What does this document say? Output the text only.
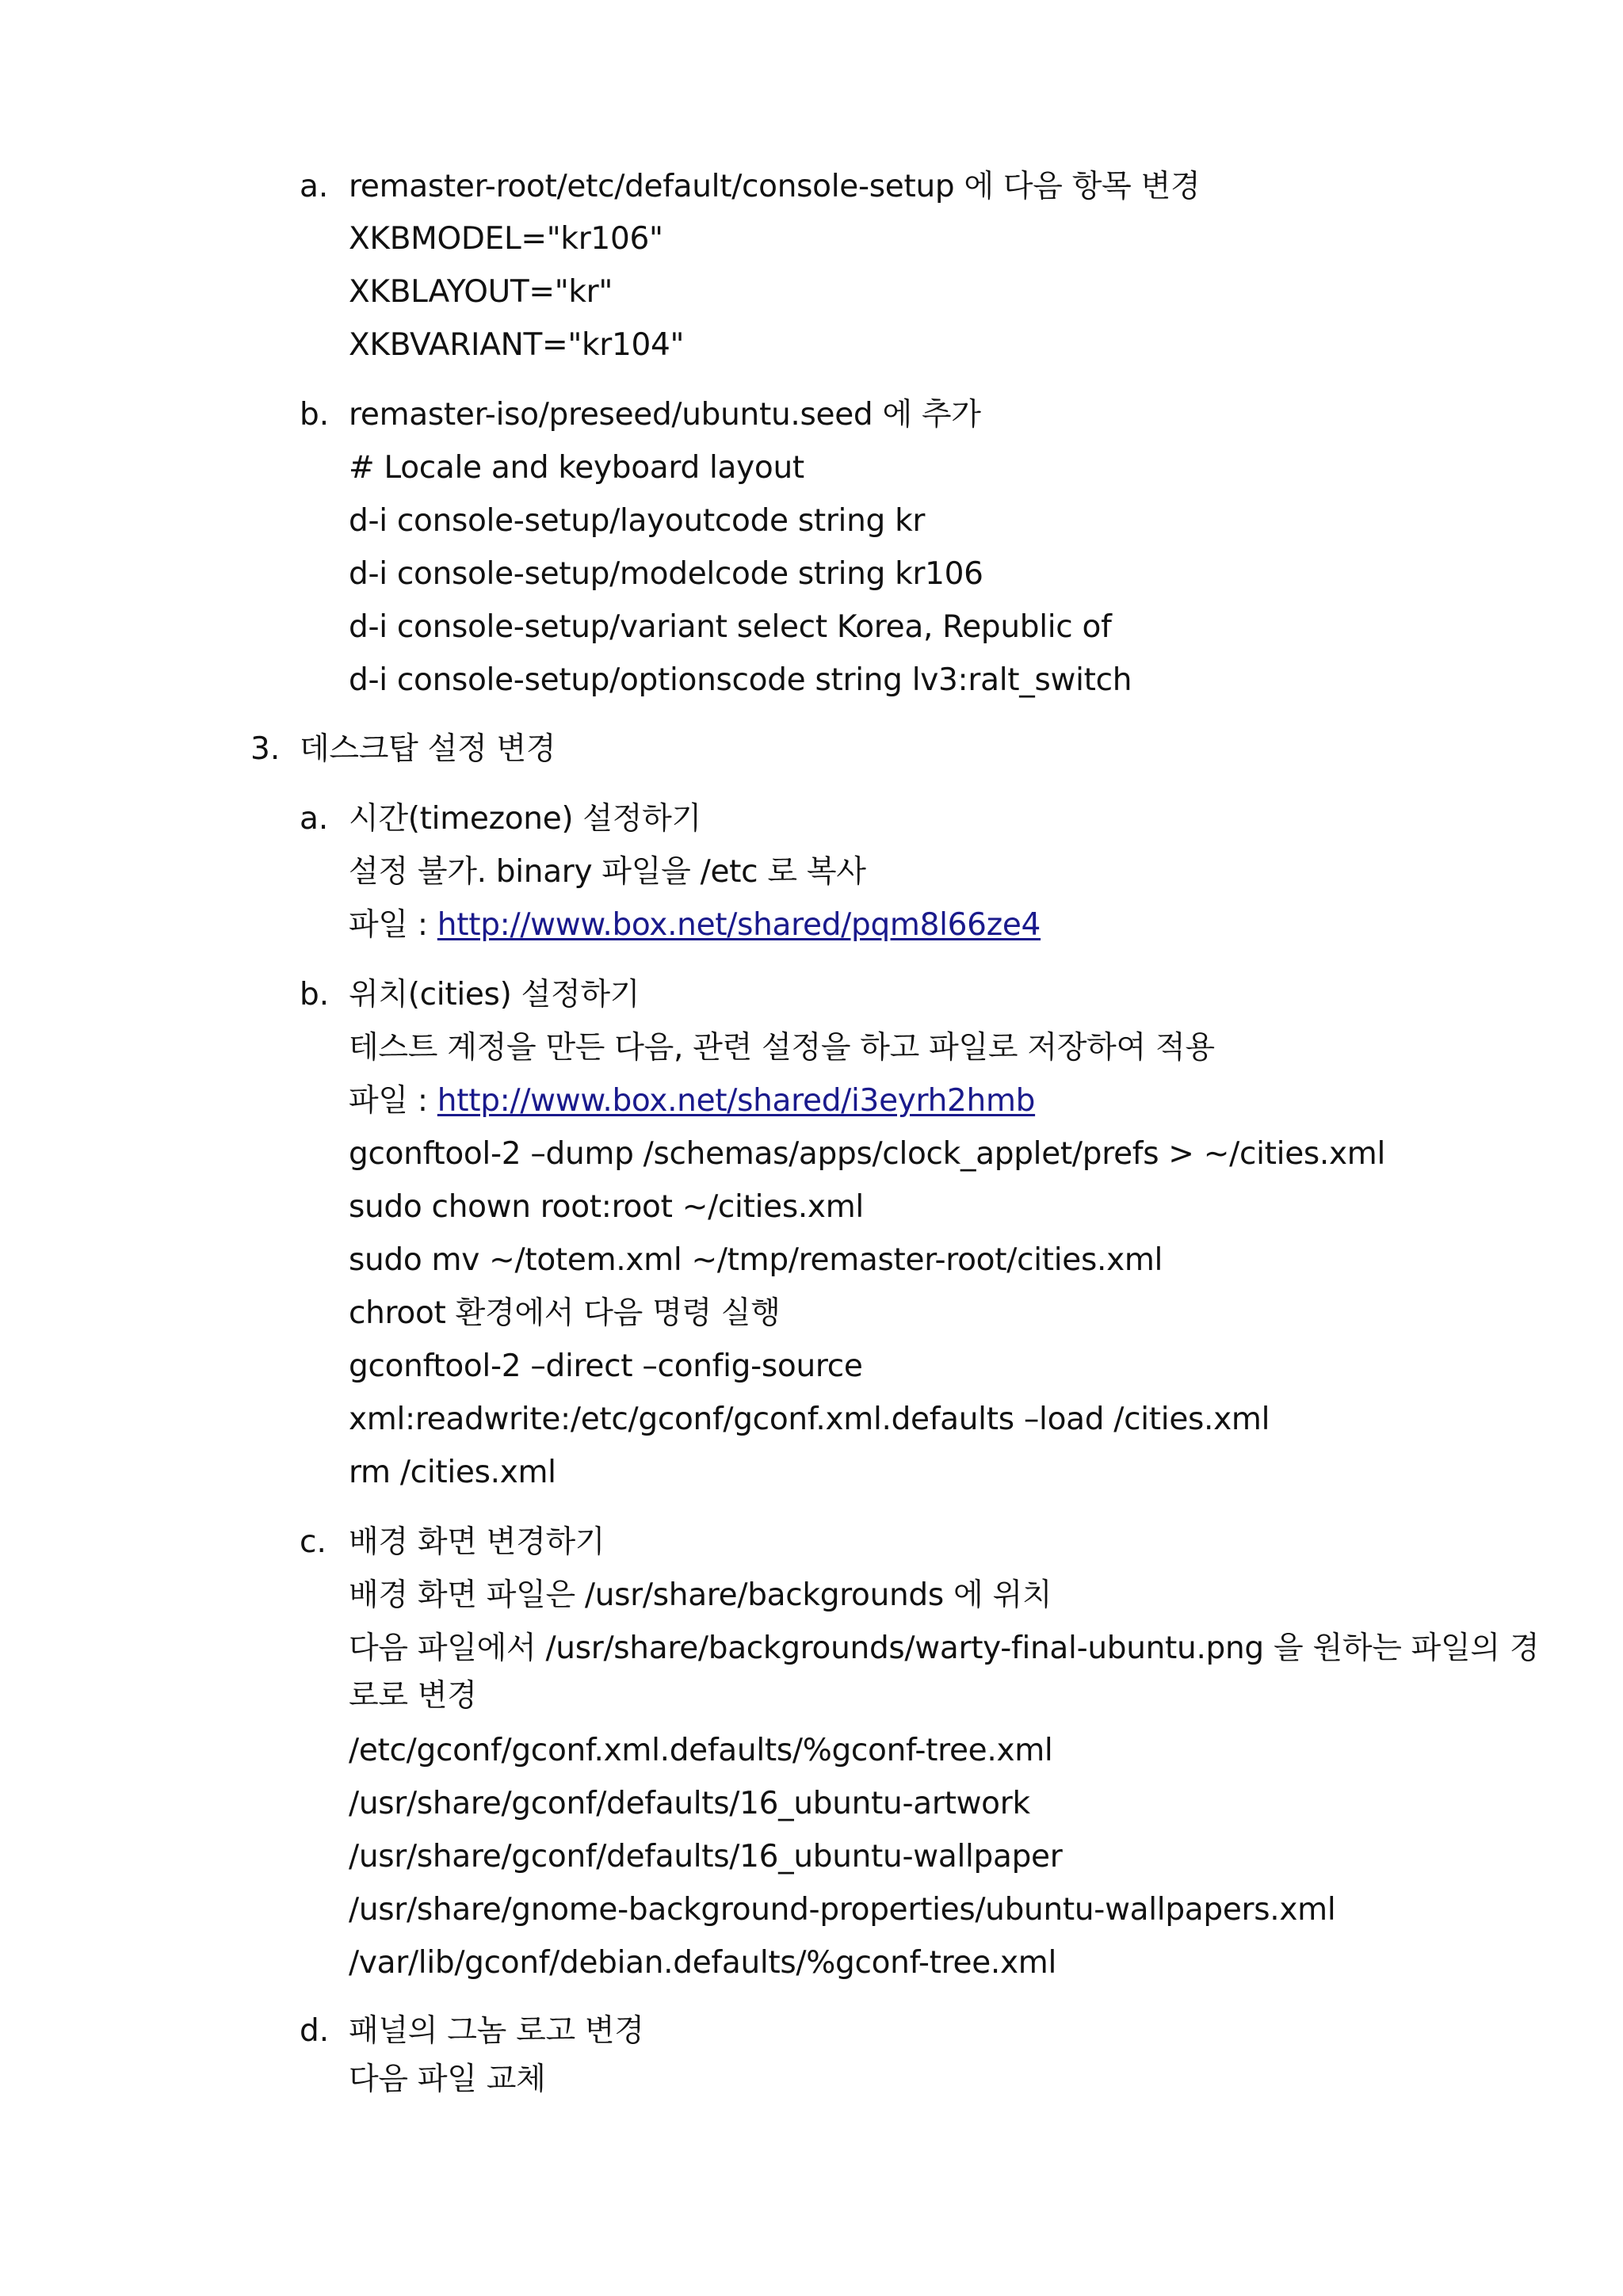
a. remaster-root/etc/default/console-setup 에 다음 항목 변경
XKBMODEL="kr106"
XKBLAYOUT="kr"
XKBVARIANT="kr104"
b. remaster-iso/preseed/ubuntu.seed 에 추가
# Locale and keyboard layout
d-i console-setup/layoutcode string kr
d-i console-setup/modelcode string kr106
d-i console-setup/variant select Korea, Republic of
d-i console-setup/optionscode string lv3:ralt_switch
3. 데스크탑 설정 변경
a. 시간(timezone) 설정하기
설정 불가. binary 파일을 /etc 로 복사
파일 : http://www.box.net/shared/pqm8l66ze4
b. 위치(cities) 설정하기
테스트 계정을 만든 다음, 관련 설정을 하고 파일로 저장하여 적용
파일 : http://www.box.net/shared/i3eyrh2hmb
gconftool-2 –dump /schemas/apps/clock_applet/prefs > ~/cities.xml
sudo chown root:root ~/cities.xml
sudo mv ~/totem.xml ~/tmp/remaster-root/cities.xml
chroot 환경에서 다음 명령 실행
gconftool-2 –direct –config-source
xml:readwrite:/etc/gconf/gconf.xml.defaults –load /cities.xml
rm /cities.xml
c. 배경 화면 변경하기
배경 화면 파일은 /usr/share/backgrounds 에 위치
다음 파일에서 /usr/share/backgrounds/warty-final-ubuntu.png 을 원하는 파일의 경
로로 변경
/etc/gconf/gconf.xml.defaults/%gconf-tree.xml
/usr/share/gconf/defaults/16_ubuntu-artwork
/usr/share/gconf/defaults/16_ubuntu-wallpaper
/usr/share/gnome-background-properties/ubuntu-wallpapers.xml
/var/lib/gconf/debian.defaults/%gconf-tree.xml
d. 패널의 그놈 로고 변경
다음 파일 교체
